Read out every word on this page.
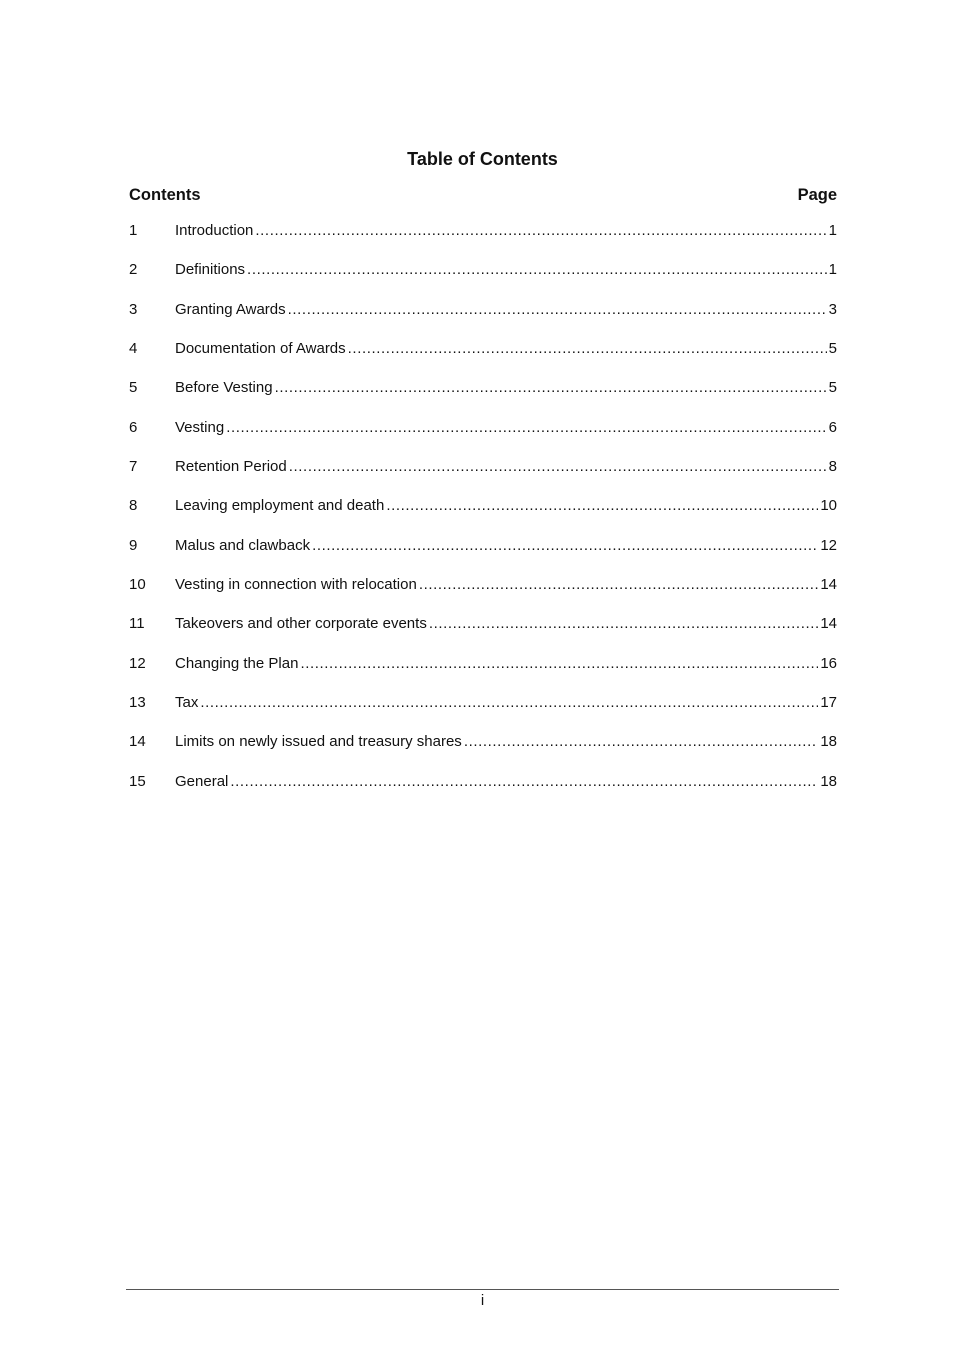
Table of Contents
Contents	Page
1	Introduction .....	1
2	Definitions .....	1
3	Granting Awards .....	3
4	Documentation of Awards .....	5
5	Before Vesting .....	5
6	Vesting .....	6
7	Retention Period .....	8
8	Leaving employment and death .....	10
9	Malus and clawback .....	12
10	Vesting in connection with relocation .....	14
11	Takeovers and other corporate events .....	14
12	Changing the Plan .....	16
13	Tax .....	17
14	Limits on newly issued and treasury shares .....	18
15	General .....	18
i
